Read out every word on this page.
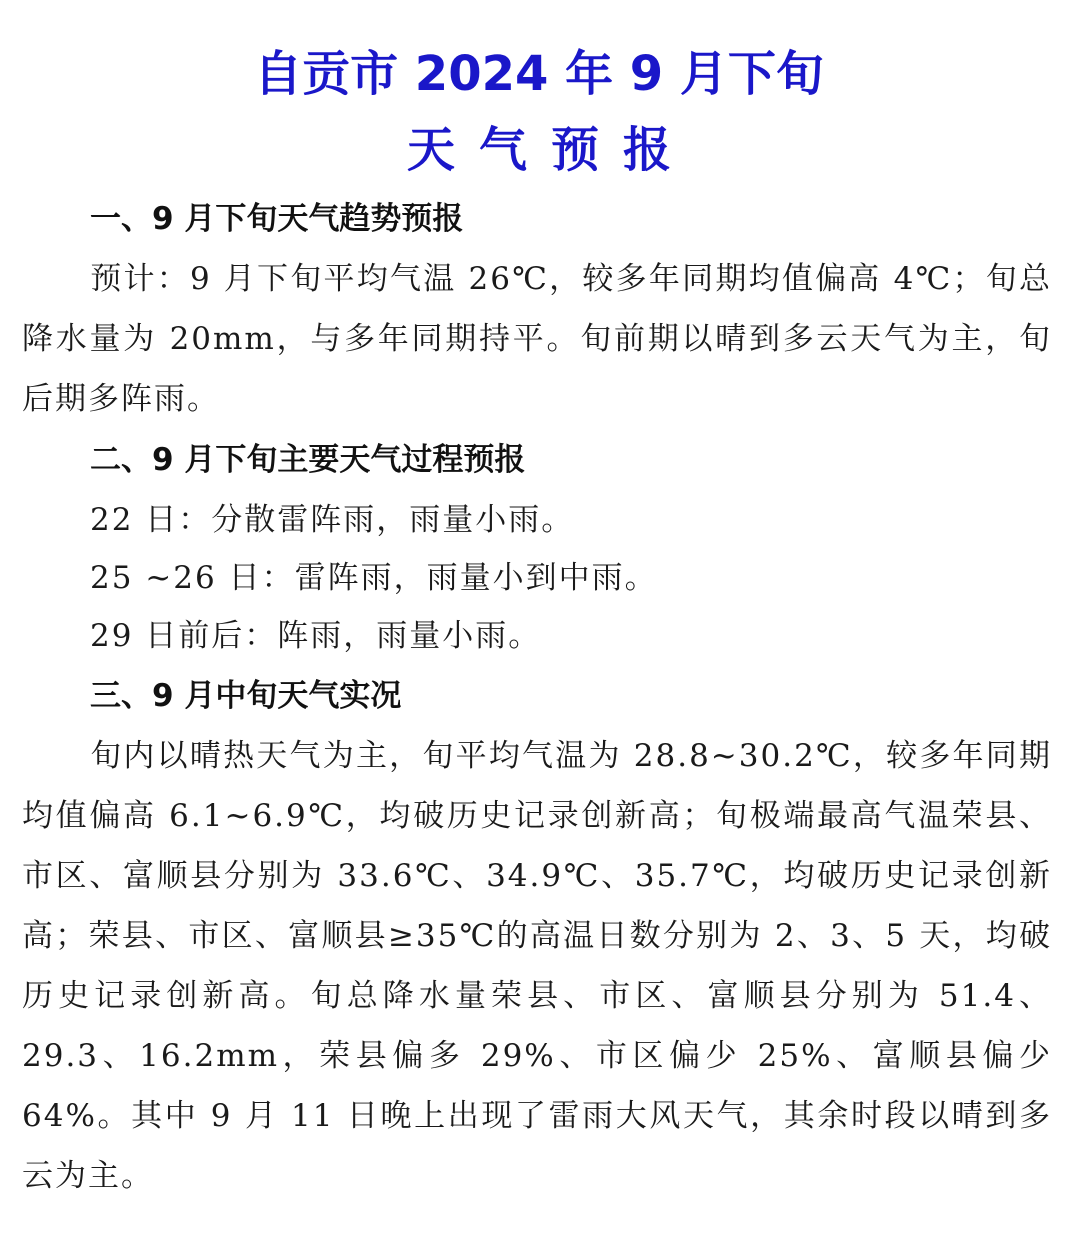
自贡市 2024 年 9 月下旬
天气预报
一、9 月下旬天气趋势预报
预计：9 月下旬平均气温 26℃，较多年同期均值偏高 4℃；旬总降水量为 20mm，与多年同期持平。旬前期以晴到多云天气为主，旬后期多阵雨。
二、9 月下旬主要天气过程预报
22 日：分散雷阵雨，雨量小雨。
25 ~26 日：雷阵雨，雨量小到中雨。
29 日前后：阵雨，雨量小雨。
三、9 月中旬天气实况
旬内以晴热天气为主，旬平均气温为 28.8~30.2℃，较多年同期均值偏高 6.1~6.9℃，均破历史记录创新高；旬极端最高气温荣县、市区、富顺县分别为 33.6℃、34.9℃、35.7℃，均破历史记录创新高；荣县、市区、富顺县≥35℃的高温日数分别为 2、3、5 天，均破历史记录创新高。旬总降水量荣县、市区、富顺县分别为 51.4、29.3、16.2mm，荣县偏多 29%、市区偏少 25%、富顺县偏少 64%。其中 9 月 11 日晚上出现了雷雨大风天气，其余时段以晴到多云为主。
